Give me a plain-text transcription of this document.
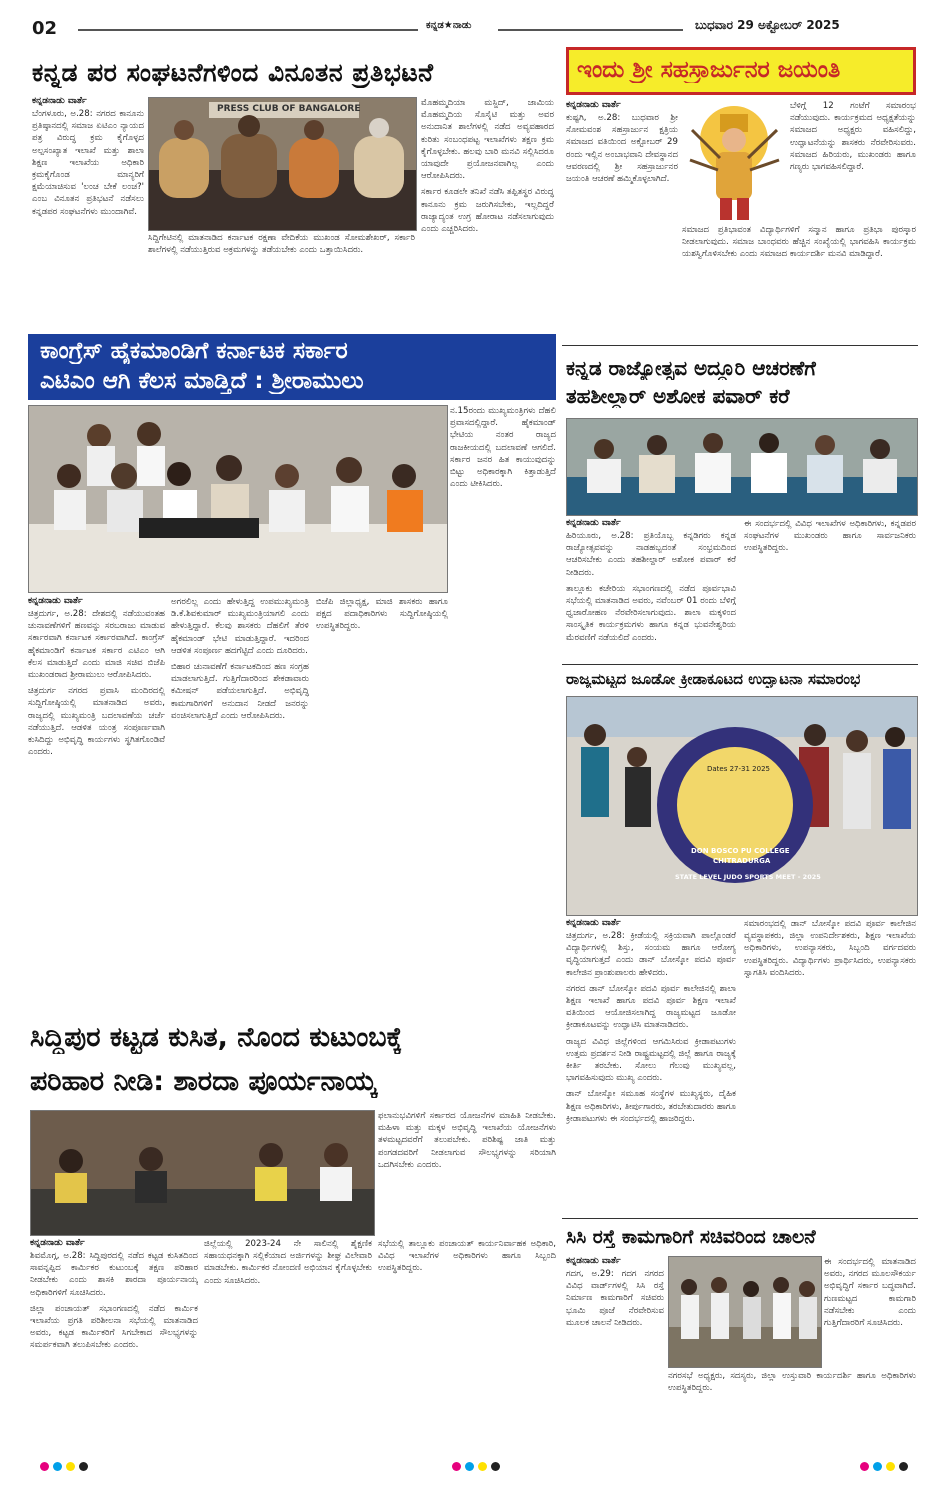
02	ಕನ್ನಡ★ನಾಡು	ಬುಧವಾರ 29 ಅಕ್ಟೋಬರ್ 2025
ಕನ್ನಡ ಪರ ಸಂಘಟನೆಗಳಿಂದ ವಿನೂತನ ಪ್ರತಿಭಟನೆ

ಕನ್ನಡನಾಡು ವಾರ್ತೆ

ಬೆಂಗಳೂರು, ಅ.28: ನಗರದ ಕಾನೂನು ಪ್ರತಿಷ್ಠಾನದಲ್ಲಿ ಸಮಾಜ ಏಟಿಎಂ ನ್ಯಾಯದ ಪತ್ರ ವಿರುದ್ಧ ಕ್ರಮ ಕೈಗೊಳ್ಳದ ಅಲ್ಪಸಂಖ್ಯಾತ ಇಲಾಖೆ ಮತ್ತು ಶಾಲಾ ಶಿಕ್ಷಣ ಇಲಾಖೆಯ ಅಧಿಕಾರಿ ಕ್ರಮಕೈಗೊಂಡ ಮಾನ್ಯರಿಗೆ ಕ್ಷಮೆಯಾಚಿಸುವ 'ಲಂಚ ಬೇಕೆ ಲಂಚ?' ಎಂಬ ವಿನೂತನ ಪ್ರತಿಭಟನೆ ನಡೆಸಲು ಕನ್ನಡಪರ ಸಂಘಟನೆಗಳು ಮುಂದಾಗಿವೆ.

PRESS CLUB OF BANGALORE

ಸಿದ್ದಿಗೇಟಿನಲ್ಲಿ ಮಾತನಾಡಿದ ಕರ್ನಾಟಕ ರಕ್ಷಣಾ ವೇದಿಕೆಯ ಮುಖಂಡ ಸೋಮಶೇಖರ್, ಸರ್ಕಾರಿ ಶಾಲೆಗಳಲ್ಲಿ ನಡೆಯುತ್ತಿರುವ ಅಕ್ರಮಗಳನ್ನು ತಡೆಯಬೇಕು ಎಂದು ಒತ್ತಾಯಿಸಿದರು.

ಮೊಹಮ್ಮದಿಯಾ ಮಸ್ಜಿದ್, ಜಾಮಿಯ ಮೊಹಮ್ಮದಿಯ ಸೊಸೈಟಿ ಮತ್ತು ಅವರ ಅನುದಾನಿತ ಶಾಲೆಗಳಲ್ಲಿ ನಡೆದ ಅವ್ಯವಹಾರದ ಕುರಿತು ಸಂಬಂಧಪಟ್ಟ ಇಲಾಖೆಗಳು ತಕ್ಷಣ ಕ್ರಮ ಕೈಗೊಳ್ಳಬೇಕು. ಹಲವು ಬಾರಿ ಮನವಿ ಸಲ್ಲಿಸಿದರೂ ಯಾವುದೇ ಪ್ರಯೋಜನವಾಗಿಲ್ಲ ಎಂದು ಆರೋಪಿಸಿದರು.

ಸರ್ಕಾರ ಕೂಡಲೇ ತನಿಖೆ ನಡೆಸಿ ತಪ್ಪಿತಸ್ಥರ ವಿರುದ್ಧ ಕಾನೂನು ಕ್ರಮ ಜರುಗಿಸಬೇಕು, ಇಲ್ಲದಿದ್ದರೆ ರಾಜ್ಯಾದ್ಯಂತ ಉಗ್ರ ಹೋರಾಟ ನಡೆಸಲಾಗುವುದು ಎಂದು ಎಚ್ಚರಿಸಿದರು.

ಇಂದು ಶ್ರೀ ಸಹಸ್ರಾರ್ಜುನರ ಜಯಂತಿ

ಕನ್ನಡನಾಡು ವಾರ್ತೆ

ಕುಷ್ಟಗಿ, ಅ.28: ಬುಧವಾರ ಶ್ರೀ ಸೋಮವಂಶ ಸಹಸ್ರಾರ್ಜುನ ಕ್ಷತ್ರಿಯ ಸಮಾಜದ ವತಿಯಿಂದ ಅಕ್ಟೋಬರ್ 29 ರಂದು ಇಲ್ಲಿನ ಅಂಬಾಭವಾನಿ ದೇವಸ್ಥಾನದ ಆವರಣದಲ್ಲಿ ಶ್ರೀ ಸಹಸ್ರಾರ್ಜುನರ ಜಯಂತಿ ಆಚರಣೆ ಹಮ್ಮಿಕೊಳ್ಳಲಾಗಿದೆ.

ಬೆಳಿಗ್ಗೆ 12 ಗಂಟೆಗೆ ಸಮಾರಂಭ ನಡೆಯುವುದು. ಕಾರ್ಯಕ್ರಮದ ಅಧ್ಯಕ್ಷತೆಯನ್ನು ಸಮಾಜದ ಅಧ್ಯಕ್ಷರು ವಹಿಸಲಿದ್ದು, ಉದ್ಘಾಟನೆಯನ್ನು ಶಾಸಕರು ನೆರವೇರಿಸುವರು. ಸಮಾಜದ ಹಿರಿಯರು, ಮುಖಂಡರು ಹಾಗೂ ಗಣ್ಯರು ಭಾಗವಹಿಸಲಿದ್ದಾರೆ.

ಸಮಾಜದ ಪ್ರತಿಭಾವಂತ ವಿದ್ಯಾರ್ಥಿಗಳಿಗೆ ಸನ್ಮಾನ ಹಾಗೂ ಪ್ರತಿಭಾ ಪುರಸ್ಕಾರ ನೀಡಲಾಗುವುದು. ಸಮಾಜ ಬಾಂಧವರು ಹೆಚ್ಚಿನ ಸಂಖ್ಯೆಯಲ್ಲಿ ಭಾಗವಹಿಸಿ ಕಾರ್ಯಕ್ರಮ ಯಶಸ್ವಿಗೊಳಿಸಬೇಕು ಎಂದು ಸಮಾಜದ ಕಾರ್ಯದರ್ಶಿ ಮನವಿ ಮಾಡಿದ್ದಾರೆ.

ಕಾಂಗ್ರೆಸ್ ಹೈಕಮಾಂಡಿಗೆ ಕರ್ನಾಟಕ ಸರ್ಕಾರ
ಎಟಿಎಂ ಆಗಿ ಕೆಲಸ ಮಾಡ್ತಿದೆ : ಶ್ರೀರಾಮುಲು

ನ.15ರಂದು ಮುಖ್ಯಮಂತ್ರಿಗಳು ದೆಹಲಿ ಪ್ರವಾಸದಲ್ಲಿದ್ದಾರೆ. ಹೈಕಮಾಂಡ್ ಭೇಟಿಯ ನಂತರ ರಾಜ್ಯದ ರಾಜಕೀಯದಲ್ಲಿ ಬದಲಾವಣೆ ಆಗಲಿದೆ. ಸರ್ಕಾರ ಜನರ ಹಿತ ಕಾಯುವುದನ್ನು ಬಿಟ್ಟು ಅಧಿಕಾರಕ್ಕಾಗಿ ಕಿತ್ತಾಡುತ್ತಿದೆ ಎಂದು ಟೀಕಿಸಿದರು.

ಕನ್ನಡನಾಡು ವಾರ್ತೆ

ಚಿತ್ರದುರ್ಗ, ಅ.28: ದೇಶದಲ್ಲಿ ನಡೆಯುವಂತಹ ಚುನಾವಣೆಗಳಿಗೆ ಹಣವನ್ನು ಸರಬರಾಜು ಮಾಡುವ ಸರ್ಕಾರವಾಗಿ ಕರ್ನಾಟಕ ಸರ್ಕಾರವಾಗಿದೆ. ಕಾಂಗ್ರೆಸ್ ಹೈಕಮಾಂಡಿಗೆ ಕರ್ನಾಟಕ ಸರ್ಕಾರ ಎಟಿಎಂ ಆಗಿ ಕೆಲಸ ಮಾಡುತ್ತಿದೆ ಎಂದು ಮಾಜಿ ಸಚಿವ ಬಿಜೆಪಿ ಮುಖಂಡರಾದ ಶ್ರೀರಾಮುಲು ಆರೋಪಿಸಿದರು.

ಚಿತ್ರದುರ್ಗ ನಗರದ ಪ್ರವಾಸಿ ಮಂದಿರದಲ್ಲಿ ಸುದ್ದಿಗೋಷ್ಠಿಯಲ್ಲಿ ಮಾತನಾಡಿದ ಅವರು, ರಾಜ್ಯದಲ್ಲಿ ಮುಖ್ಯಮಂತ್ರಿ ಬದಲಾವಣೆಯ ಚರ್ಚೆ ನಡೆಯುತ್ತಿದೆ. ಆಡಳಿತ ಯಂತ್ರ ಸಂಪೂರ್ಣವಾಗಿ ಕುಸಿದಿದ್ದು ಅಭಿವೃದ್ಧಿ ಕಾರ್ಯಗಳು ಸ್ಥಗಿತಗೊಂಡಿವೆ ಎಂದರು.

ಅಗರಲಿಲ್ಲ ಎಂದು ಹೇಳುತ್ತಿದ್ದ ಉಪಮುಖ್ಯಮಂತ್ರಿ ಡಿ.ಕೆ.ಶಿವಕುಮಾರ್ ಮುಖ್ಯಮಂತ್ರಿಯಾಗಲಿ ಎಂದು ಹೇಳುತ್ತಿದ್ದಾರೆ. ಕೆಲವು ಶಾಸಕರು ದೆಹಲಿಗೆ ತೆರಳಿ ಹೈಕಮಾಂಡ್ ಭೇಟಿ ಮಾಡುತ್ತಿದ್ದಾರೆ. ಇದರಿಂದ ಆಡಳಿತ ಸಂಪೂರ್ಣ ಹದಗೆಟ್ಟಿದೆ ಎಂದು ದೂರಿದರು.

ಬಿಹಾರ ಚುನಾವಣೆಗೆ ಕರ್ನಾಟಕದಿಂದ ಹಣ ಸಂಗ್ರಹ ಮಾಡಲಾಗುತ್ತಿದೆ. ಗುತ್ತಿಗೆದಾರರಿಂದ ಶೇಕಡಾವಾರು ಕಮೀಷನ್ ಪಡೆಯಲಾಗುತ್ತಿದೆ. ಅಭಿವೃದ್ಧಿ ಕಾಮಗಾರಿಗಳಿಗೆ ಅನುದಾನ ನೀಡದೆ ಜನರನ್ನು ವಂಚಿಸಲಾಗುತ್ತಿದೆ ಎಂದು ಆರೋಪಿಸಿದರು.

ಬಿಜೆಪಿ ಜಿಲ್ಲಾಧ್ಯಕ್ಷ, ಮಾಜಿ ಶಾಸಕರು ಹಾಗೂ ಪಕ್ಷದ ಪದಾಧಿಕಾರಿಗಳು ಸುದ್ದಿಗೋಷ್ಠಿಯಲ್ಲಿ ಉಪಸ್ಥಿತರಿದ್ದರು.

ಕನ್ನಡ ರಾಜ್ಯೋತ್ಸವ ಅದ್ದೂರಿ ಆಚರಣೆಗೆ
ತಹಶೀಲ್ದಾರ್ ಅಶೋಕ ಪವಾರ್ ಕರೆ

ಕನ್ನಡನಾಡು ವಾರ್ತೆ

ಹಿರಿಯೂರು, ಅ.28: ಪ್ರತಿಯೊಬ್ಬ ಕನ್ನಡಿಗರು ಕನ್ನಡ ರಾಜ್ಯೋತ್ಸವವನ್ನು ನಾಡಹಬ್ಬದಂತೆ ಸಂಭ್ರಮದಿಂದ ಆಚರಿಸಬೇಕು ಎಂದು ತಹಶೀಲ್ದಾರ್ ಅಶೋಕ ಪವಾರ್ ಕರೆ ನೀಡಿದರು.

ತಾಲ್ಲೂಕು ಕಚೇರಿಯ ಸಭಾಂಗಣದಲ್ಲಿ ನಡೆದ ಪೂರ್ವಭಾವಿ ಸಭೆಯಲ್ಲಿ ಮಾತನಾಡಿದ ಅವರು, ನವೆಂಬರ್ 01 ರಂದು ಬೆಳಿಗ್ಗೆ ಧ್ವಜಾರೋಹಣ ನೆರವೇರಿಸಲಾಗುವುದು. ಶಾಲಾ ಮಕ್ಕಳಿಂದ ಸಾಂಸ್ಕೃತಿಕ ಕಾರ್ಯಕ್ರಮಗಳು ಹಾಗೂ ಕನ್ನಡ ಭುವನೇಶ್ವರಿಯ ಮೆರವಣಿಗೆ ನಡೆಯಲಿದೆ ಎಂದರು.

ಈ ಸಂದರ್ಭದಲ್ಲಿ ವಿವಿಧ ಇಲಾಖೆಗಳ ಅಧಿಕಾರಿಗಳು, ಕನ್ನಡಪರ ಸಂಘಟನೆಗಳ ಮುಖಂಡರು ಹಾಗೂ ಸಾರ್ವಜನಿಕರು ಉಪಸ್ಥಿತರಿದ್ದರು.

ರಾಜ್ಯಮಟ್ಟದ ಜೂಡೋ ಕ್ರೀಡಾಕೂಟದ ಉದ್ಘಾಟನಾ ಸಮಾರಂಭ
Dates 27-31 2025
DON BOSCO PU COLLEGE
CHITRADURGA
STATE LEVEL JUDO SPORTS MEET - 2025

ಕನ್ನಡನಾಡು ವಾರ್ತೆ

ಚಿತ್ರದುರ್ಗ, ಅ.28: ಕ್ರೀಡೆಯಲ್ಲಿ ಸಕ್ರಿಯವಾಗಿ ಪಾಲ್ಗೊಂಡರೆ ವಿದ್ಯಾರ್ಥಿಗಳಲ್ಲಿ ಶಿಸ್ತು, ಸಂಯಮ ಹಾಗೂ ಆರೋಗ್ಯ ವೃದ್ಧಿಯಾಗುತ್ತದೆ ಎಂದು ಡಾನ್ ಬೋಸ್ಕೋ ಪದವಿ ಪೂರ್ವ ಕಾಲೇಜಿನ ಪ್ರಾಂಶುಪಾಲರು ಹೇಳಿದರು.

ನಗರದ ಡಾನ್ ಬೋಸ್ಕೋ ಪದವಿ ಪೂರ್ವ ಕಾಲೇಜಿನಲ್ಲಿ ಶಾಲಾ ಶಿಕ್ಷಣ ಇಲಾಖೆ ಹಾಗೂ ಪದವಿ ಪೂರ್ವ ಶಿಕ್ಷಣ ಇಲಾಖೆ ವತಿಯಿಂದ ಆಯೋಜಿಸಲಾಗಿದ್ದ ರಾಜ್ಯಮಟ್ಟದ ಜೂಡೋ ಕ್ರೀಡಾಕೂಟವನ್ನು ಉದ್ಘಾಟಿಸಿ ಮಾತನಾಡಿದರು.

ರಾಜ್ಯದ ವಿವಿಧ ಜಿಲ್ಲೆಗಳಿಂದ ಆಗಮಿಸಿರುವ ಕ್ರೀಡಾಪಟುಗಳು ಉತ್ತಮ ಪ್ರದರ್ಶನ ನೀಡಿ ರಾಷ್ಟ್ರಮಟ್ಟದಲ್ಲಿ ಜಿಲ್ಲೆ ಹಾಗೂ ರಾಜ್ಯಕ್ಕೆ ಕೀರ್ತಿ ತರಬೇಕು. ಸೋಲು ಗೆಲುವು ಮುಖ್ಯವಲ್ಲ, ಭಾಗವಹಿಸುವುದು ಮುಖ್ಯ ಎಂದರು.

ಡಾನ್ ಬೋಸ್ಕೋ ಸಮೂಹ ಸಂಸ್ಥೆಗಳ ಮುಖ್ಯಸ್ಥರು, ದೈಹಿಕ ಶಿಕ್ಷಣ ಅಧಿಕಾರಿಗಳು, ತೀರ್ಪುಗಾರರು, ತರಬೇತುದಾರರು ಹಾಗೂ ಕ್ರೀಡಾಪಟುಗಳು ಈ ಸಂದರ್ಭದಲ್ಲಿ ಹಾಜರಿದ್ದರು.

ಸಮಾರಂಭದಲ್ಲಿ ಡಾನ್ ಬೋಸ್ಕೋ ಪದವಿ ಪೂರ್ವ ಕಾಲೇಜಿನ ವ್ಯವಸ್ಥಾಪಕರು, ಜಿಲ್ಲಾ ಉಪನಿರ್ದೇಶಕರು, ಶಿಕ್ಷಣ ಇಲಾಖೆಯ ಅಧಿಕಾರಿಗಳು, ಉಪನ್ಯಾಸಕರು, ಸಿಬ್ಬಂದಿ ವರ್ಗದವರು ಉಪಸ್ಥಿತರಿದ್ದರು. ವಿದ್ಯಾರ್ಥಿಗಳು ಪ್ರಾರ್ಥಿಸಿದರು, ಉಪನ್ಯಾಸಕರು ಸ್ವಾಗತಿಸಿ ವಂದಿಸಿದರು.

ಸಿದ್ದಿಪುರ ಕಟ್ಟಡ ಕುಸಿತ, ನೊಂದ ಕುಟುಂಬಕ್ಕೆ
ಪರಿಹಾರ ನೀಡಿ: ಶಾರದಾ ಪೂರ್ಯನಾಯ್ಕ

ಫಲಾನುಭವಿಗಳಿಗೆ ಸರ್ಕಾರದ ಯೋಜನೆಗಳ ಮಾಹಿತಿ ನೀಡಬೇಕು. ಮಹಿಳಾ ಮತ್ತು ಮಕ್ಕಳ ಅಭಿವೃದ್ಧಿ ಇಲಾಖೆಯ ಯೋಜನೆಗಳು ತಳಮಟ್ಟದವರೆಗೆ ತಲುಪಬೇಕು. ಪರಿಶಿಷ್ಟ ಜಾತಿ ಮತ್ತು ಪಂಗಡದವರಿಗೆ ನೀಡಲಾಗುವ ಸೌಲಭ್ಯಗಳನ್ನು ಸರಿಯಾಗಿ ಒದಗಿಸಬೇಕು ಎಂದರು.

ಕನ್ನಡನಾಡು ವಾರ್ತೆ

ಶಿವಮೊಗ್ಗ, ಅ.28: ಸಿದ್ದಿಪುರದಲ್ಲಿ ನಡೆದ ಕಟ್ಟಡ ಕುಸಿತದಿಂದ ಸಾವನ್ನಪ್ಪಿದ ಕಾರ್ಮಿಕರ ಕುಟುಂಬಕ್ಕೆ ತಕ್ಷಣ ಪರಿಹಾರ ನೀಡಬೇಕು ಎಂದು ಶಾಸಕಿ ಶಾರದಾ ಪೂರ್ಯನಾಯ್ಕ ಅಧಿಕಾರಿಗಳಿಗೆ ಸೂಚಿಸಿದರು.

ಜಿಲ್ಲಾ ಪಂಚಾಯತ್ ಸಭಾಂಗಣದಲ್ಲಿ ನಡೆದ ಕಾರ್ಮಿಕ ಇಲಾಖೆಯ ಪ್ರಗತಿ ಪರಿಶೀಲನಾ ಸಭೆಯಲ್ಲಿ ಮಾತನಾಡಿದ ಅವರು, ಕಟ್ಟಡ ಕಾರ್ಮಿಕರಿಗೆ ಸಿಗಬೇಕಾದ ಸೌಲಭ್ಯಗಳನ್ನು ಸಮರ್ಪಕವಾಗಿ ತಲುಪಿಸಬೇಕು ಎಂದರು.

ಜಿಲ್ಲೆಯಲ್ಲಿ 2023-24 ನೇ ಸಾಲಿನಲ್ಲಿ ಶೈಕ್ಷಣಿಕ ಸಹಾಯಧನಕ್ಕಾಗಿ ಸಲ್ಲಿಕೆಯಾದ ಅರ್ಜಿಗಳನ್ನು ಶೀಘ್ರ ವಿಲೇವಾರಿ ಮಾಡಬೇಕು. ಕಾರ್ಮಿಕರ ನೋಂದಣಿ ಅಭಿಯಾನ ಕೈಗೊಳ್ಳಬೇಕು ಎಂದು ಸೂಚಿಸಿದರು.

ಸಭೆಯಲ್ಲಿ ತಾಲ್ಲೂಕು ಪಂಚಾಯತ್ ಕಾರ್ಯನಿರ್ವಾಹಕ ಅಧಿಕಾರಿ, ವಿವಿಧ ಇಲಾಖೆಗಳ ಅಧಿಕಾರಿಗಳು ಹಾಗೂ ಸಿಬ್ಬಂದಿ ಉಪಸ್ಥಿತರಿದ್ದರು.

ಸಿಸಿ ರಸ್ತೆ ಕಾಮಗಾರಿಗೆ ಸಚಿವರಿಂದ ಚಾಲನೆ

ಕನ್ನಡನಾಡು ವಾರ್ತೆ

ಗದಗ, ಅ.29: ಗದಗ ನಗರದ ವಿವಿಧ ವಾರ್ಡ್‌ಗಳಲ್ಲಿ ಸಿಸಿ ರಸ್ತೆ ನಿರ್ಮಾಣ ಕಾಮಗಾರಿಗೆ ಸಚಿವರು ಭೂಮಿ ಪೂಜೆ ನೆರವೇರಿಸುವ ಮೂಲಕ ಚಾಲನೆ ನೀಡಿದರು.

ಈ ಸಂದರ್ಭದಲ್ಲಿ ಮಾತನಾಡಿದ ಅವರು, ನಗರದ ಮೂಲಸೌಕರ್ಯ ಅಭಿವೃದ್ಧಿಗೆ ಸರ್ಕಾರ ಬದ್ಧವಾಗಿದೆ. ಗುಣಮಟ್ಟದ ಕಾಮಗಾರಿ ನಡೆಸಬೇಕು ಎಂದು ಗುತ್ತಿಗೆದಾರರಿಗೆ ಸೂಚಿಸಿದರು.

ನಗರಸಭೆ ಅಧ್ಯಕ್ಷರು, ಸದಸ್ಯರು, ಜಿಲ್ಲಾ ಉಸ್ತುವಾರಿ ಕಾರ್ಯದರ್ಶಿ ಹಾಗೂ ಅಧಿಕಾರಿಗಳು ಉಪಸ್ಥಿತರಿದ್ದರು.
